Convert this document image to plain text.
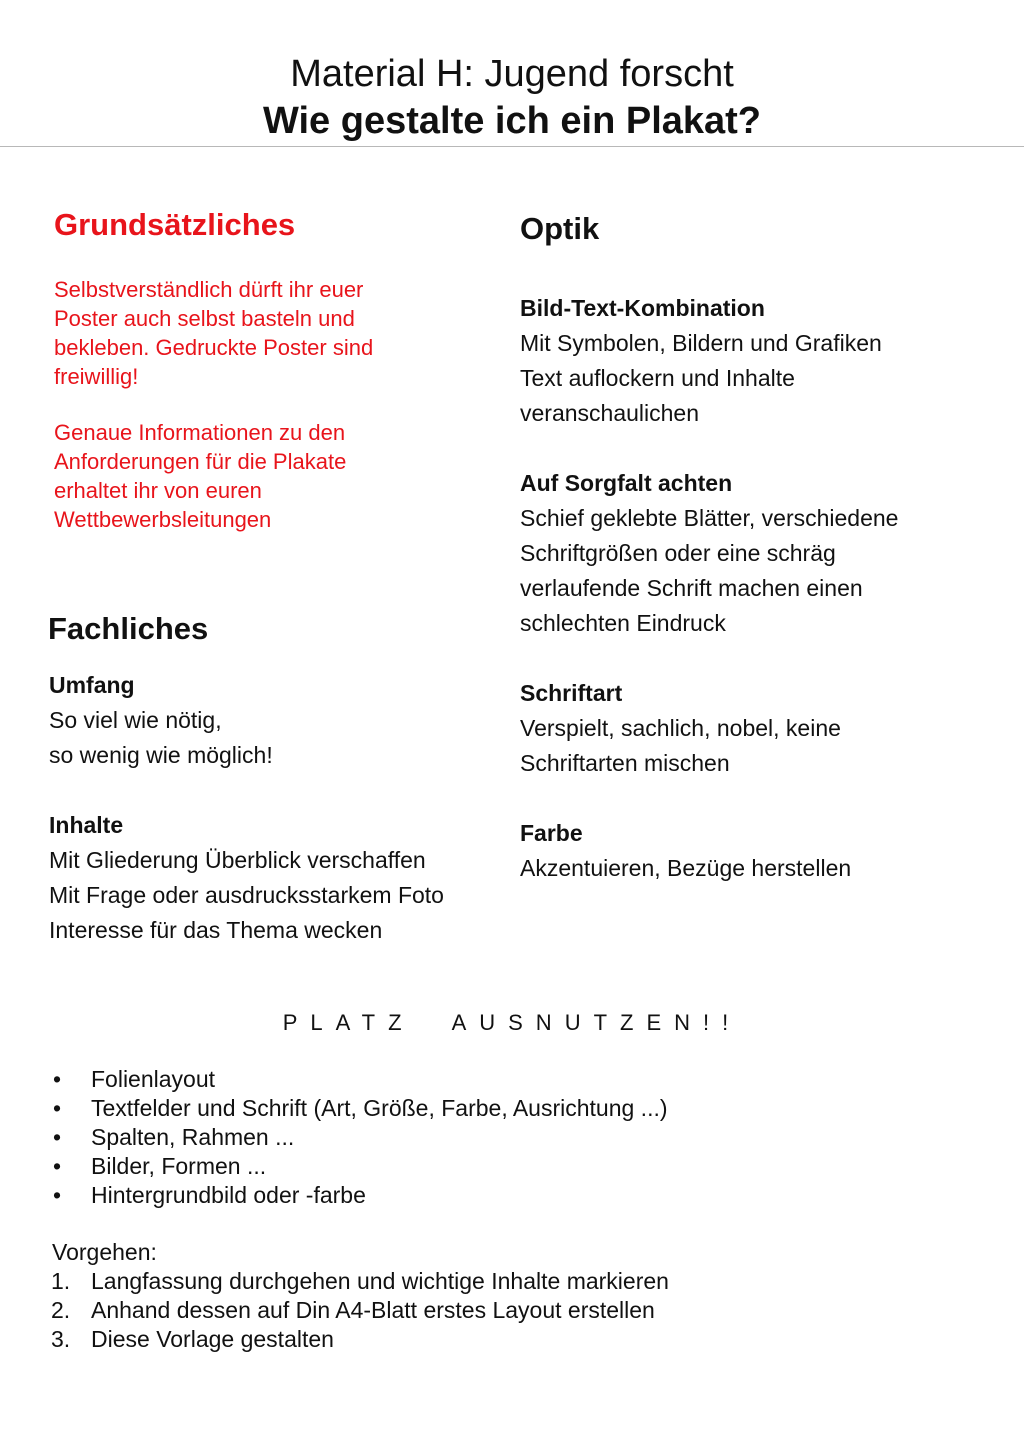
Material H: Jugend forscht
Wie gestalte ich ein Plakat?
Grundsätzliches
Selbstverständlich dürft ihr euer
Poster auch selbst basteln und
bekleben. Gedruckte Poster sind
freiwillig!
Genaue Informationen zu den
Anforderungen für die Plakate
erhaltet ihr von euren
Wettbewerbsleitungen
Fachliches
Umfang
So viel wie nötig,
so wenig wie möglich!
Inhalte
Mit Gliederung Überblick verschaffen
Mit Frage oder ausdrucksstarkem Foto
Interesse für das Thema wecken
Optik
Bild-Text-Kombination
Mit Symbolen, Bildern und Grafiken
Text auflockern und Inhalte
veranschaulichen
Auf Sorgfalt achten
Schief geklebte Blätter, verschiedene
Schriftgrößen oder eine schräg
verlaufende Schrift machen einen
schlechten Eindruck
Schriftart
Verspielt, sachlich, nobel, keine
Schriftarten mischen
Farbe
Akzentuieren, Bezüge herstellen
PLATZ  AUSNUTZEN!!
• Folienlayout
• Textfelder und Schrift (Art, Größe, Farbe, Ausrichtung ...)
• Spalten, Rahmen ...
• Bilder, Formen ...
• Hintergrundbild oder -farbe
Vorgehen:
1. Langfassung durchgehen und wichtige Inhalte markieren
2. Anhand dessen auf Din A4-Blatt erstes Layout erstellen
3. Diese Vorlage gestalten
